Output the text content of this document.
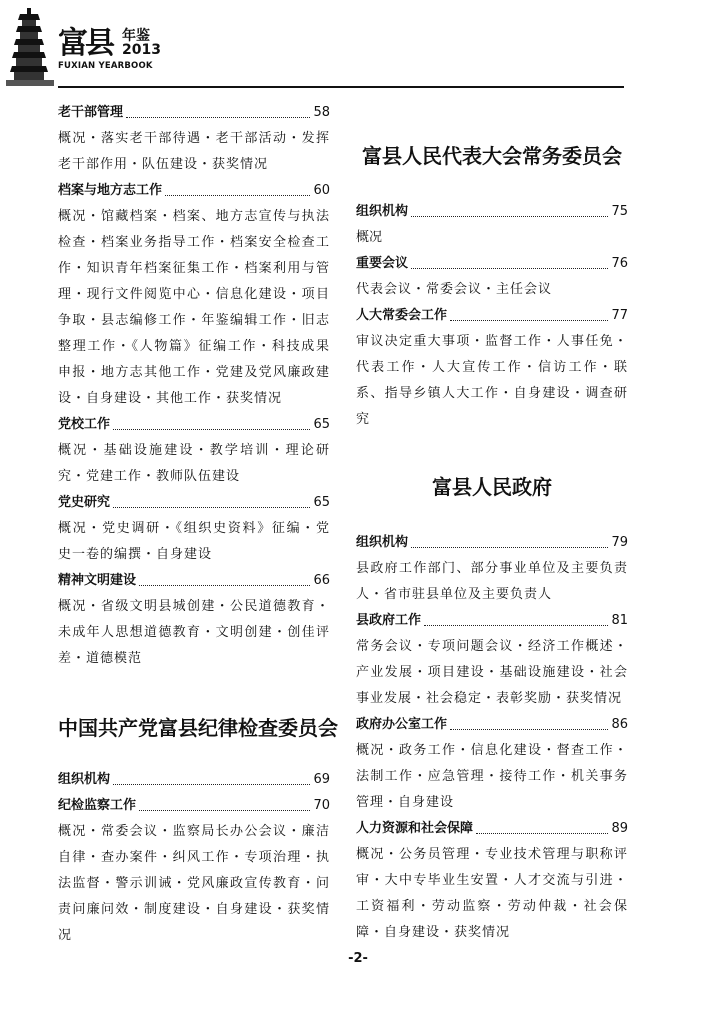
富县 年鉴
2013
FUXIAN YEARBOOK
老干部管理	58
概况・落实老干部待遇・老干部活动・发挥老干部作用・队伍建设・获奖情况
档案与地方志工作	60
概况・馆藏档案・档案、地方志宣传与执法检查・档案业务指导工作・档案安全检查工作・知识青年档案征集工作・档案利用与管理・现行文件阅览中心・信息化建设・项目争取・县志编修工作・年鉴编辑工作・旧志整理工作・《人物篇》征编工作・科技成果申报・地方志其他工作・党建及党风廉政建设・自身建设・其他工作・获奖情况
党校工作	65
概况・基础设施建设・教学培训・理论研究・党建工作・教师队伍建设
党史研究	65
概况・党史调研・《组织史资料》征编・党史一卷的编撰・自身建设
精神文明建设	66
概况・省级文明县城创建・公民道德教育・未成年人思想道德教育・文明创建・创佳评差・道德模范
中国共产党富县纪律检查委员会
组织机构	69
纪检监察工作	70
概况・常委会议・监察局长办公会议・廉洁自律・查办案件・纠风工作・专项治理・执法监督・警示训诫・党风廉政宣传教育・问责问廉问效・制度建设・自身建设・获奖情况
富县人民代表大会常务委员会
组织机构	75
概况
重要会议	76
代表会议・常委会议・主任会议
人大常委会工作	77
审议决定重大事项・监督工作・人事任免・代表工作・人大宣传工作・信访工作・联系、指导乡镇人大工作・自身建设・调查研究
富县人民政府
组织机构	79
县政府工作部门、部分事业单位及主要负责人・省市驻县单位及主要负责人
县政府工作	81
常务会议・专项问题会议・经济工作概述・产业发展・项目建设・基础设施建设・社会事业发展・社会稳定・表彰奖励・获奖情况
政府办公室工作	86
概况・政务工作・信息化建设・督查工作・法制工作・应急管理・接待工作・机关事务管理・自身建设
人力资源和社会保障	89
概况・公务员管理・专业技术管理与职称评审・大中专毕业生安置・人才交流与引进・工资福利・劳动监察・劳动仲裁・社会保障・自身建设・获奖情况
-2-
